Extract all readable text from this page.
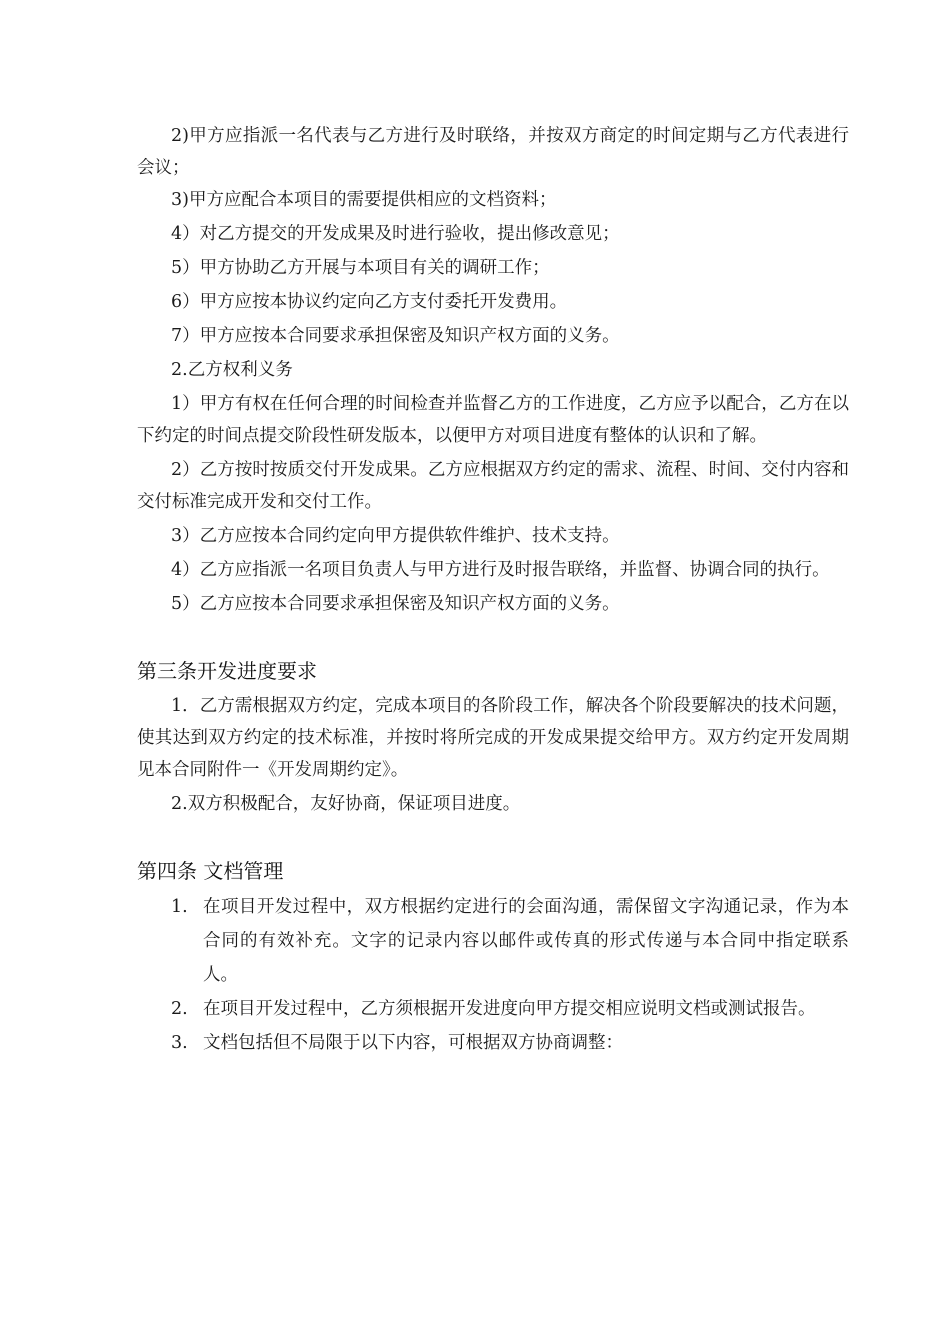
2)甲方应指派一名代表与乙方进行及时联络，并按双方商定的时间定期与乙方代表进行会议；

3)甲方应配合本项目的需要提供相应的文档资料；

4）对乙方提交的开发成果及时进行验收，提出修改意见；

5）甲方协助乙方开展与本项目有关的调研工作；

6）甲方应按本协议约定向乙方支付委托开发费用。

7）甲方应按本合同要求承担保密及知识产权方面的义务。

2.乙方权利义务

1）甲方有权在任何合理的时间检查并监督乙方的工作进度，乙方应予以配合，乙方在以下约定的时间点提交阶段性研发版本，以便甲方对项目进度有整体的认识和了解。

2）乙方按时按质交付开发成果。乙方应根据双方约定的需求、流程、时间、交付内容和交付标准完成开发和交付工作。

3）乙方应按本合同约定向甲方提供软件维护、技术支持。

4）乙方应指派一名项目负责人与甲方进行及时报告联络，并监督、协调合同的执行。

5）乙方应按本合同要求承担保密及知识产权方面的义务。

第三条开发进度要求

1．乙方需根据双方约定，完成本项目的各阶段工作，解决各个阶段要解决的技术问题，使其达到双方约定的技术标准，并按时将所完成的开发成果提交给甲方。双方约定开发周期见本合同附件一《开发周期约定》。

2.双方积极配合，友好协商，保证项目进度。

第四条 文档管理
1. 在项目开发过程中，双方根据约定进行的会面沟通，需保留文字沟通记录，作为本合同的有效补充。文字的记录内容以邮件或传真的形式传递与本合同中指定联系人。
2. 在项目开发过程中，乙方须根据开发进度向甲方提交相应说明文档或测试报告。
3. 文档包括但不局限于以下内容，可根据双方协商调整：
